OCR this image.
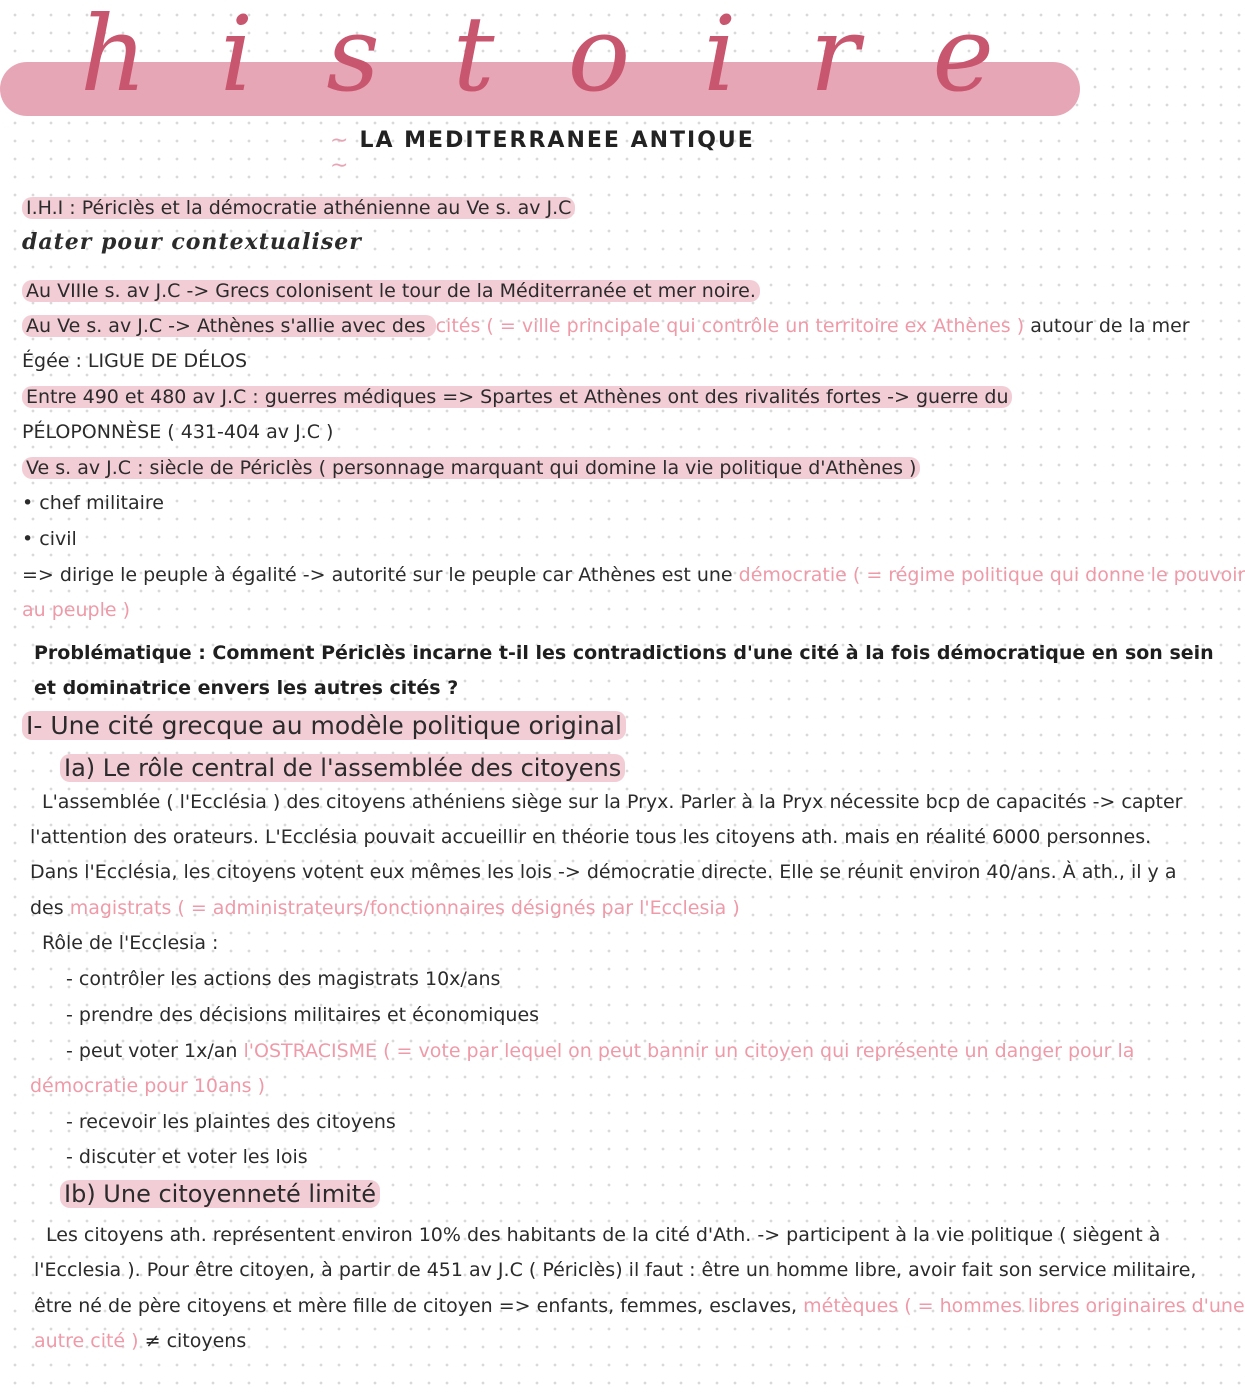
h i s t o i r e
∼ LA MEDITERRANEE ANTIQUE ∼
I.H.I : Périclès et la démocratie athénienne au Ve s. av J.C
dater pour contextualiser
Au VIIIe s. av J.C -> Grecs colonisent le tour de la Méditerranée et mer noire.
Au Ve s. av J.C -> Athènes s'allie avec des cités ( = ville principale qui contrôle un territoire ex Athènes ) autour de la mer
Égée : LIGUE DE DÉLOS
Entre 490 et 480 av J.C : guerres médiques => Spartes et Athènes ont des rivalités fortes -> guerre du
PÉLOPONNÈSE ( 431-404 av J.C )
Ve s. av J.C : siècle de Périclès ( personnage marquant qui domine la vie politique d'Athènes )
• chef militaire
• civil
=> dirige le peuple à égalité -> autorité sur le peuple car Athènes est une démocratie ( = régime politique qui donne le pouvoir
au peuple )
Problématique : Comment Périclès incarne t-il les contradictions d'une cité à la fois démocratique en son sein
et dominatrice envers les autres cités ?
I- Une cité grecque au modèle politique original
Ia) Le rôle central de l'assemblée des citoyens
L'assemblée ( l'Ecclésia ) des citoyens athéniens siège sur la Pryx. Parler à la Pryx nécessite bcp de capacités -> capter
l'attention des orateurs. L'Ecclésia pouvait accueillir en théorie tous les citoyens ath. mais en réalité 6000 personnes.
Dans l'Ecclésia, les citoyens votent eux mêmes les lois -> démocratie directe. Elle se réunit environ 40/ans. À ath., il y a
des magistrats ( = administrateurs/fonctionnaires désignés par l'Ecclesia )
Rôle de l'Ecclesia :
- contrôler les actions des magistrats 10x/ans
- prendre des décisions militaires et économiques
- peut voter 1x/an l'OSTRACISME ( = vote par lequel on peut bannir un citoyen qui représente un danger pour la
démocratie pour 10ans )
- recevoir les plaintes des citoyens
- discuter et voter les lois
Ib) Une citoyenneté limité
Les citoyens ath. représentent environ 10% des habitants de la cité d'Ath. -> participent à la vie politique ( siègent à
l'Ecclesia ). Pour être citoyen, à partir de 451 av J.C ( Périclès) il faut : être un homme libre, avoir fait son service militaire,
être né de père citoyens et mère fille de citoyen => enfants, femmes, esclaves, métèques ( = hommes libres originaires d'une
autre cité ) ≠ citoyens
